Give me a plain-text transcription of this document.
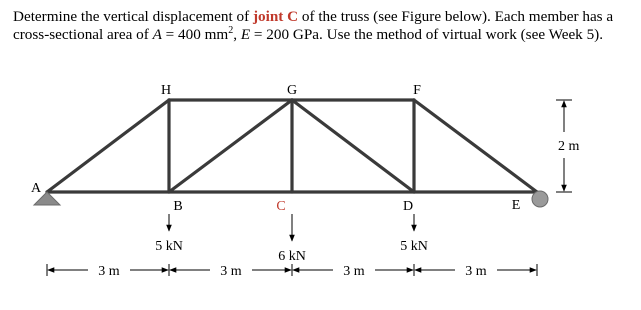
Determine the vertical displacement of joint C of the truss (see Figure below). Each member has a cross-sectional area of A = 400 $mm^2$, E = 200 GPa. Use the method of virtual work (see Week 5).
H	G	F
A
B	C	D	E
5 kN
6 kN
5 kN
3 m	3 m	3 m	3 m
2 m
